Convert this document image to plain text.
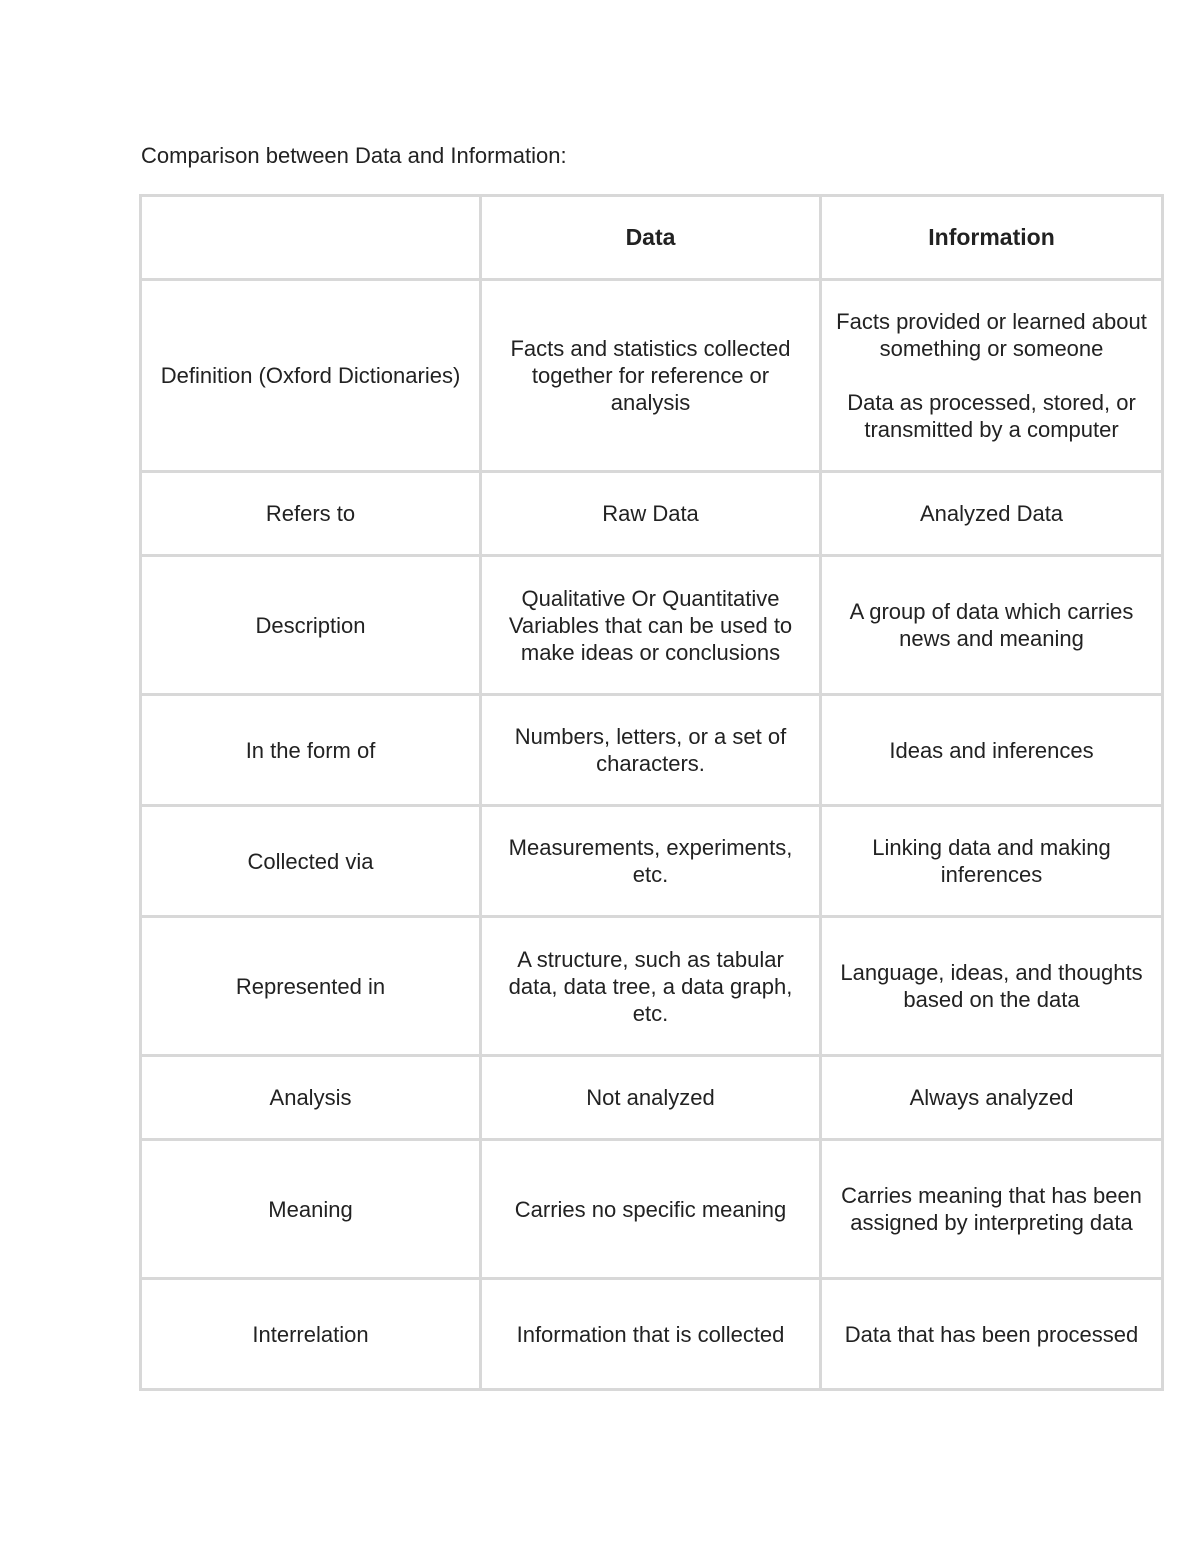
Comparison between Data and Information:
	Data	Information
Definition (Oxford Dictionaries)	Facts and statistics collected together for reference or analysis	Facts provided or learned about something or someone
Data as processed, stored, or transmitted by a computer

Refers to	Raw Data	Analyzed Data
Description	Qualitative Or Quantitative Variables that can be used to make ideas or conclusions	A group of data which carries news and meaning
In the form of	Numbers, letters, or a set of characters.	Ideas and inferences
Collected via	Measurements, experiments, etc.	Linking data and making inferences
Represented in	A structure, such as tabular data, data tree, a data graph, etc.	Language, ideas, and thoughts based on the data
Analysis	Not analyzed	Always analyzed
Meaning	Carries no specific meaning	Carries meaning that has been assigned by interpreting data
Interrelation	Information that is collected	Data that has been processed
